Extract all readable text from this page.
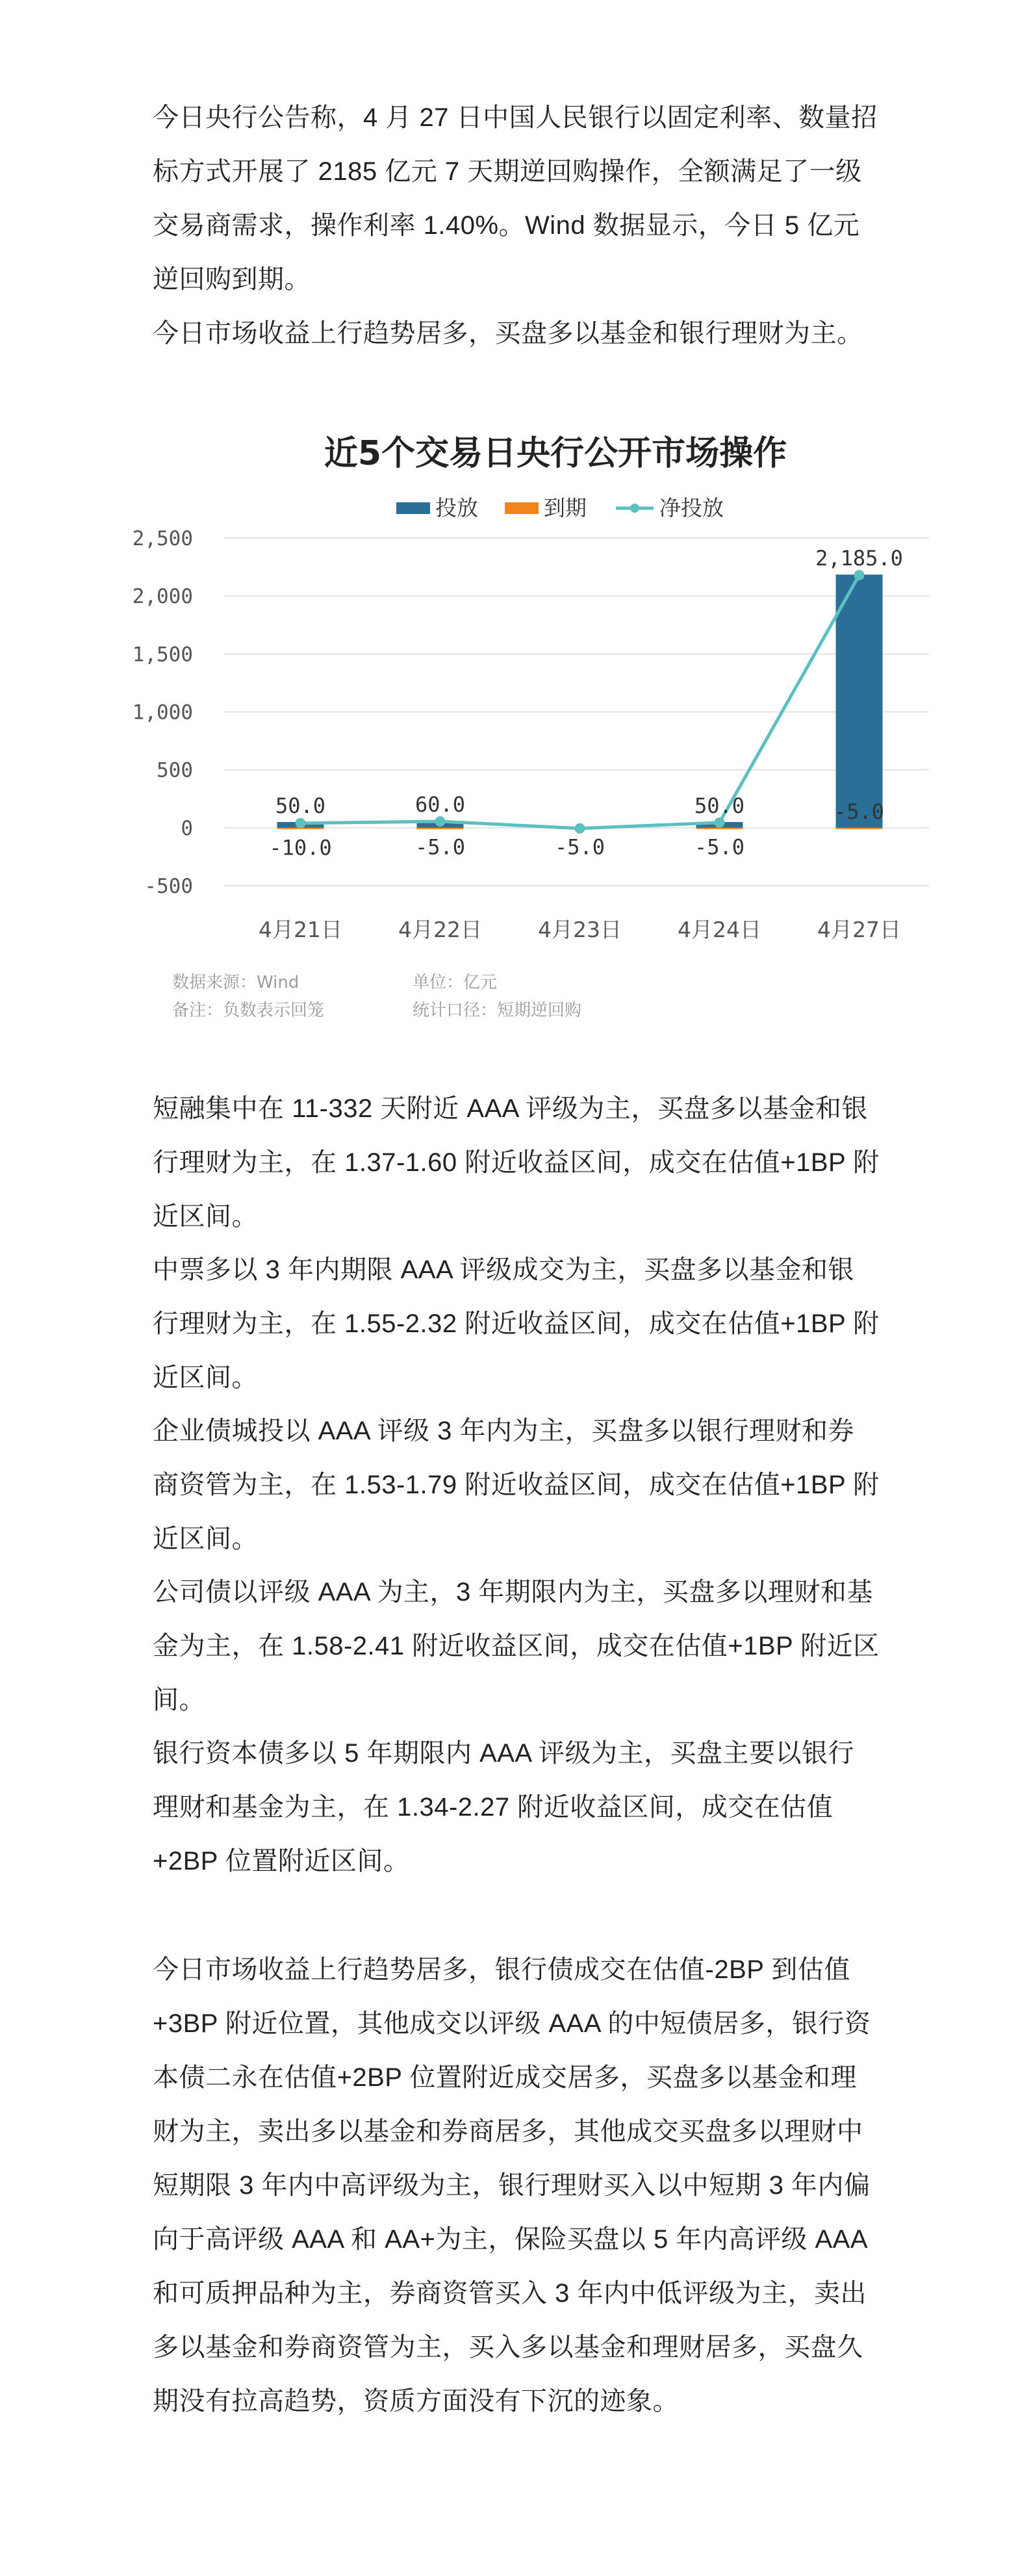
今日央行公告称，4 月 27 日中国人民银行以固定利率、数量招标方式开展了 2185 亿元 7 天期逆回购操作，全额满足了一级交易商需求，操作利率 1.40%。Wind 数据显示，今日 5 亿元逆回购到期。

今日市场收益上行趋势居多，买盘多以基金和银行理财为主。

近5个交易日央行公开市场操作
投放	到期	净投放
2,500
2,000
1,500
1,000
500
0
-500
4月21日	4月22日	4月23日	4月24日	4月27日
50.0	60.0	50.0
2,185.0
-10.0	-5.0	-5.0	-5.0
-5.0
数据来源：Wind	单位：亿元
备注：负数表示回笼	统计口径：短期逆回购

短融集中在 11-332 天附近 AAA 评级为主，买盘多以基金和银行理财为主，在 1.37-1.60 附近收益区间，成交在估值+1BP 附近区间。

中票多以 3 年内期限 AAA 评级成交为主，买盘多以基金和银行理财为主，在 1.55-2.32 附近收益区间，成交在估值+1BP 附近区间。

企业债城投以 AAA 评级 3 年内为主，买盘多以银行理财和券商资管为主，在 1.53-1.79 附近收益区间，成交在估值+1BP 附近区间。

公司债以评级 AAA 为主，3 年期限内为主，买盘多以理财和基金为主，在 1.58-2.41 附近收益区间，成交在估值+1BP 附近区间。

银行资本债多以 5 年期限内 AAA 评级为主，买盘主要以银行理财和基金为主，在 1.34-2.27 附近收益区间，成交在估值+2BP 位置附近区间。

今日市场收益上行趋势居多，银行债成交在估值-2BP 到估值+3BP 附近位置，其他成交以评级 AAA 的中短债居多，银行资本债二永在估值+2BP 位置附近成交居多，买盘多以基金和理财为主，卖出多以基金和券商居多，其他成交买盘多以理财中短期限 3 年内中高评级为主，银行理财买入以中短期 3 年内偏向于高评级 AAA 和 AA+为主，保险买盘以 5 年内高评级 AAA 和可质押品种为主，券商资管买入 3 年内中低评级为主，卖出多以基金和券商资管为主，买入多以基金和理财居多，买盘久期没有拉高趋势，资质方面没有下沉的迹象。
